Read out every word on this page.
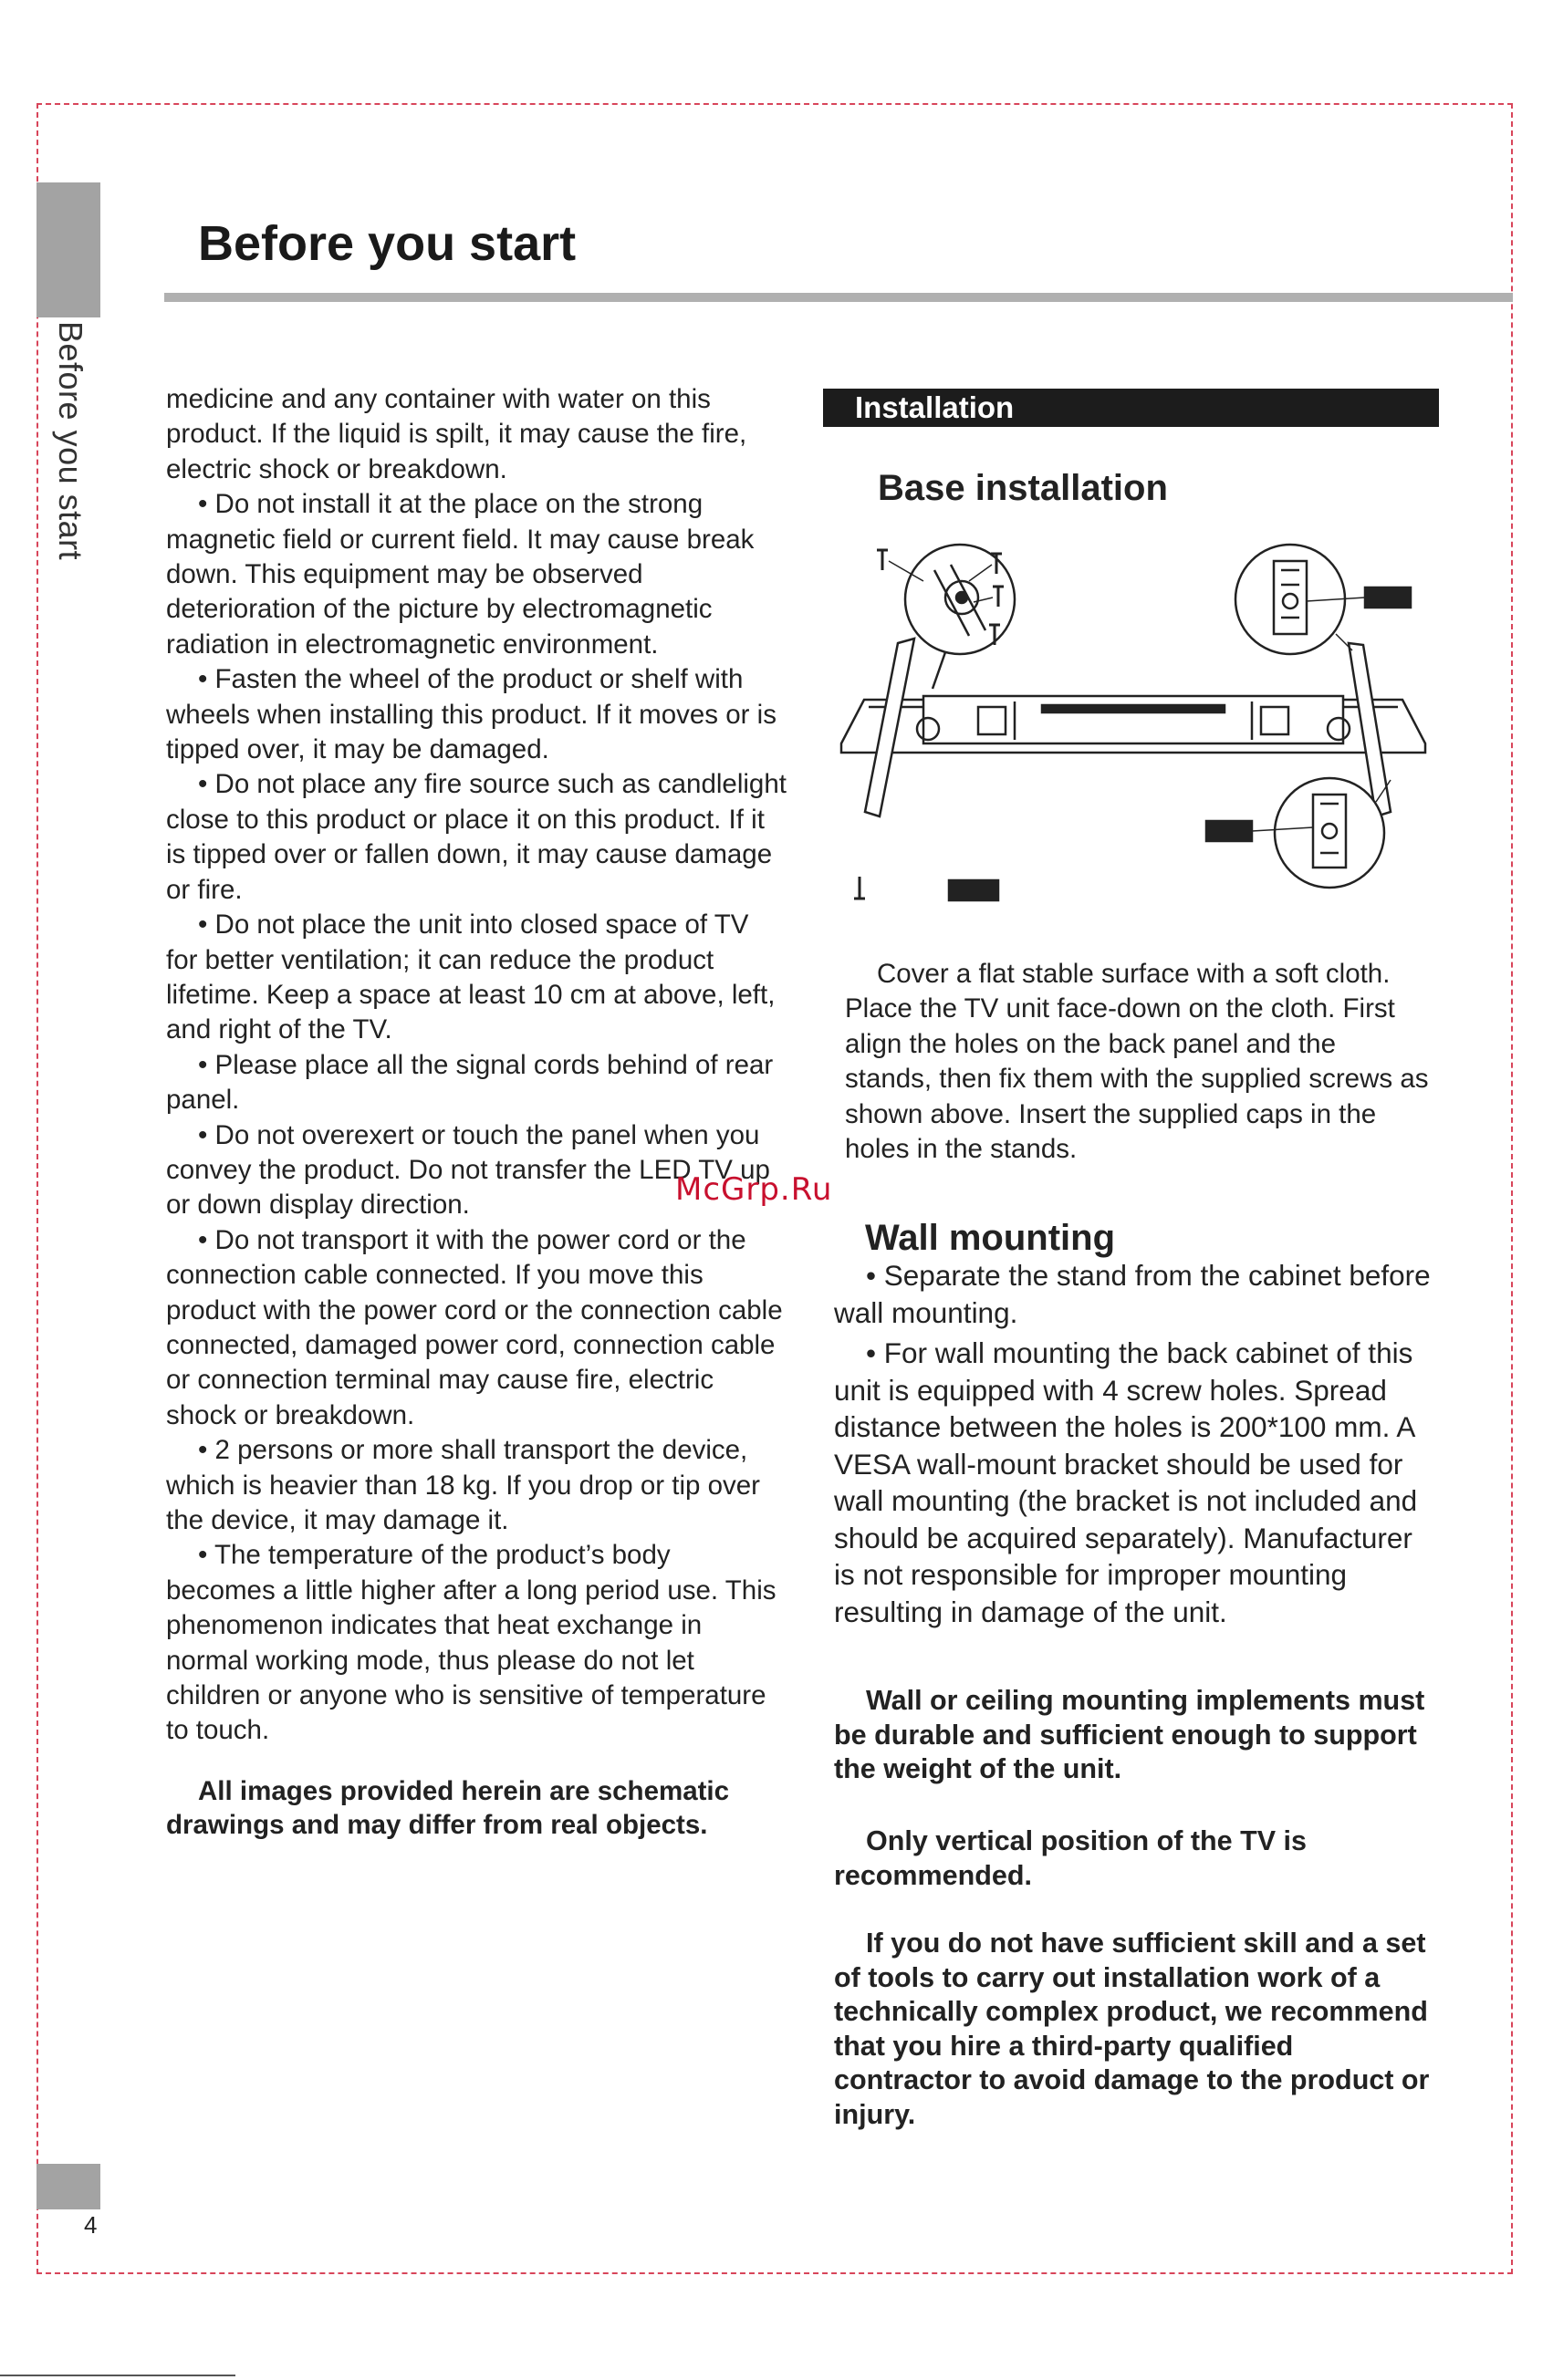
Before you start
4
Before you start

medicine and any container with water on this product. If the liquid is spilt, it may cause the fire, electric shock or breakdown.

• Do not install it at the place on the strong magnetic field or current field. It may cause break down. This equipment may be observed deterioration of the picture by electromagnetic radiation in electromagnetic environment.

• Fasten the wheel of the product or shelf with wheels when installing this product. If it moves or is tipped over, it may be damaged.

• Do not place any fire source such as candlelight close to this product or place it on this product. If it is tipped over or fallen down, it may cause damage or fire.

• Do not place the unit into closed space of TV for better ventilation; it can reduce the product lifetime. Keep a space at least 10 cm at above, left, and right of the TV.

• Please place all the signal cords behind of rear panel.

• Do not overexert or touch the panel when you convey the product. Do not transfer the LED TV up or down display direction.

• Do not transport it with the power cord or the connection cable connected. If you move this product with the power cord or the connection cable connected, damaged power cord, connection cable or connection terminal may cause fire, electric shock or breakdown.

• 2 persons or more shall transport the device, which is heavier than 18 kg. If you drop or tip over the device, it may damage it.

• The temperature of the product’s body becomes a little higher after a long period use. This phenomenon indicates that heat exchange in normal working mode, thus please do not let children or anyone who is sensitive of temperature to touch.

All images provided herein are schematic drawings and may differ from real objects.

Installation
Base installation

Cover a flat stable surface with a soft cloth. Place the TV unit face-down on the cloth. First align the holes on the back panel and the stands, then fix them with the supplied screws as shown above. Insert the supplied caps in the holes in the stands.

Wall mounting

• Separate the stand from the cabinet before wall mounting.

• For wall mounting the back cabinet of this unit is equipped with 4 screw holes. Spread distance between the holes is 200*100 mm. A VESA wall-mount bracket should be used for wall mounting (the bracket is not included and should be acquired separately). Manufacturer is not responsible for improper mounting resulting in damage of the unit.

Wall or ceiling mounting implements must be durable and sufficient enough to support the weight of the unit.

Only vertical position of the TV is recommended.

If you do not have sufficient skill and a set of tools to carry out installation work of a technically complex product, we recommend that you hire a third-party qualified contractor to avoid damage to the product or injury.

McGrp.Ru
